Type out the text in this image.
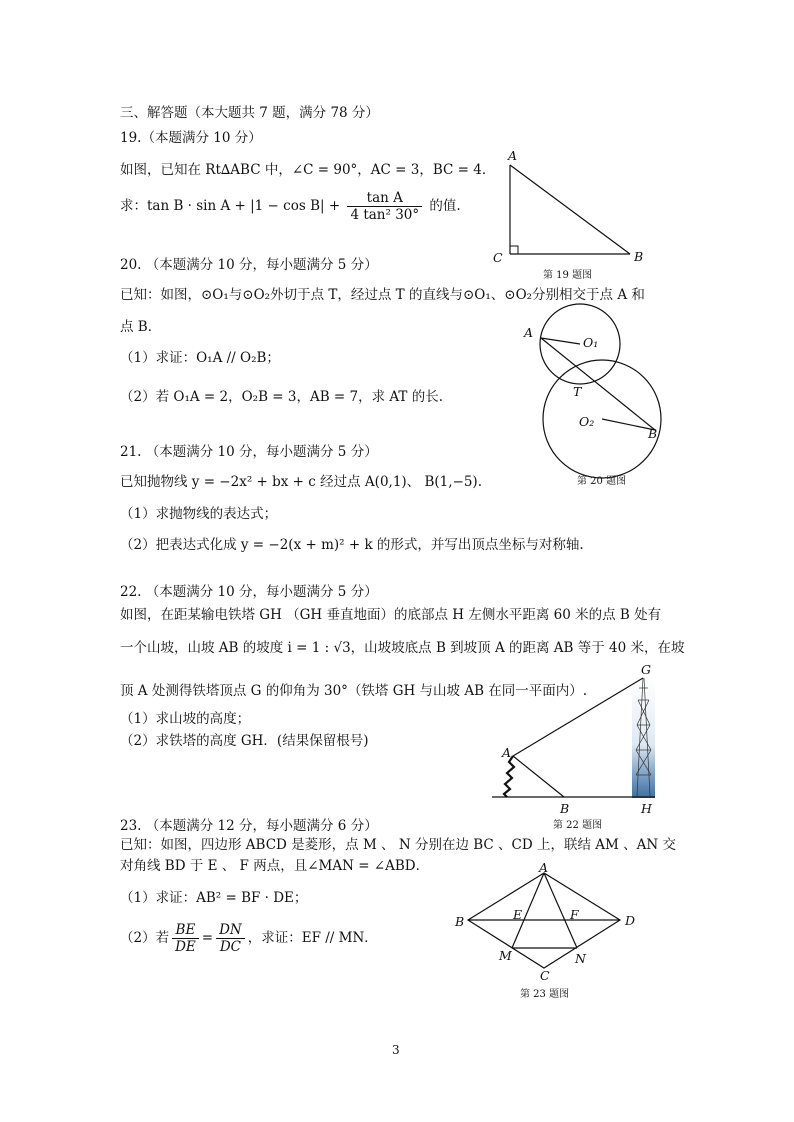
三、解答题（本大题共 7 题，满分 78 分）
19.（本题满分 10 分）
如图，已知在 Rt∆ABC 中，∠C = 90°，AC = 3，BC = 4．
求：$\tan B \cdot \sin A + |1 - \cos B| + \frac{\text{tan A}}{\text{4 tan² 30°}}$ 的值.
A
C	B
第 19 题图
20. （本题满分 10 分，每小题满分 5 分）
已知：如图，⊙O₁与⊙O₂外切于点 T，经过点 T 的直线与⊙O₁、⊙O₂分别相交于点 A 和
点 B．
（1）求证：O₁A // O₂B；
（2）若 O₁A = 2，O₂B = 3，AB = 7，求 AT 的长.
A
O₁
T
O₂
B
第 20 题图
21. （本题满分 10 分，每小题满分 5 分）
已知抛物线 y = −2x² + bx + c 经过点 A(0,1)、 B(1,−5).
（1）求抛物线的表达式；
（2）把表达式化成 y = −2(x + m)² + k 的形式，并写出顶点坐标与对称轴.
22. （本题满分 10 分，每小题满分 5 分）
如图，在距某输电铁塔 GH （GH 垂直地面）的底部点 H 左侧水平距离 60 米的点 B 处有
一个山坡，山坡 AB 的坡度 i = 1 : √3，山坡坡底点 B 到坡顶 A 的距离 AB 等于 40 米，在坡
顶 A 处测得铁塔顶点 G 的仰角为 30°（铁塔 GH 与山坡 AB 在同一平面内）.
（1）求山坡的高度；
（2）求铁塔的高度 GH．(结果保留根号)
G
A
B	H
第 22 题图
23. （本题满分 12 分，每小题满分 6 分）
已知：如图，四边形 ABCD 是菱形，点 M 、 N 分别在边 BC 、CD 上，联结 AM 、AN 交
对角线 BD 于 E 、 F 两点，且∠MAN = ∠ABD．
（1）求证：AB² = BF · DE；
（2）若 $\frac{BE}{DE} = \frac{DN}{DC}$ ，求证：EF // MN．
A
B	E	F	D
M	N
C
第 23 题图
3
